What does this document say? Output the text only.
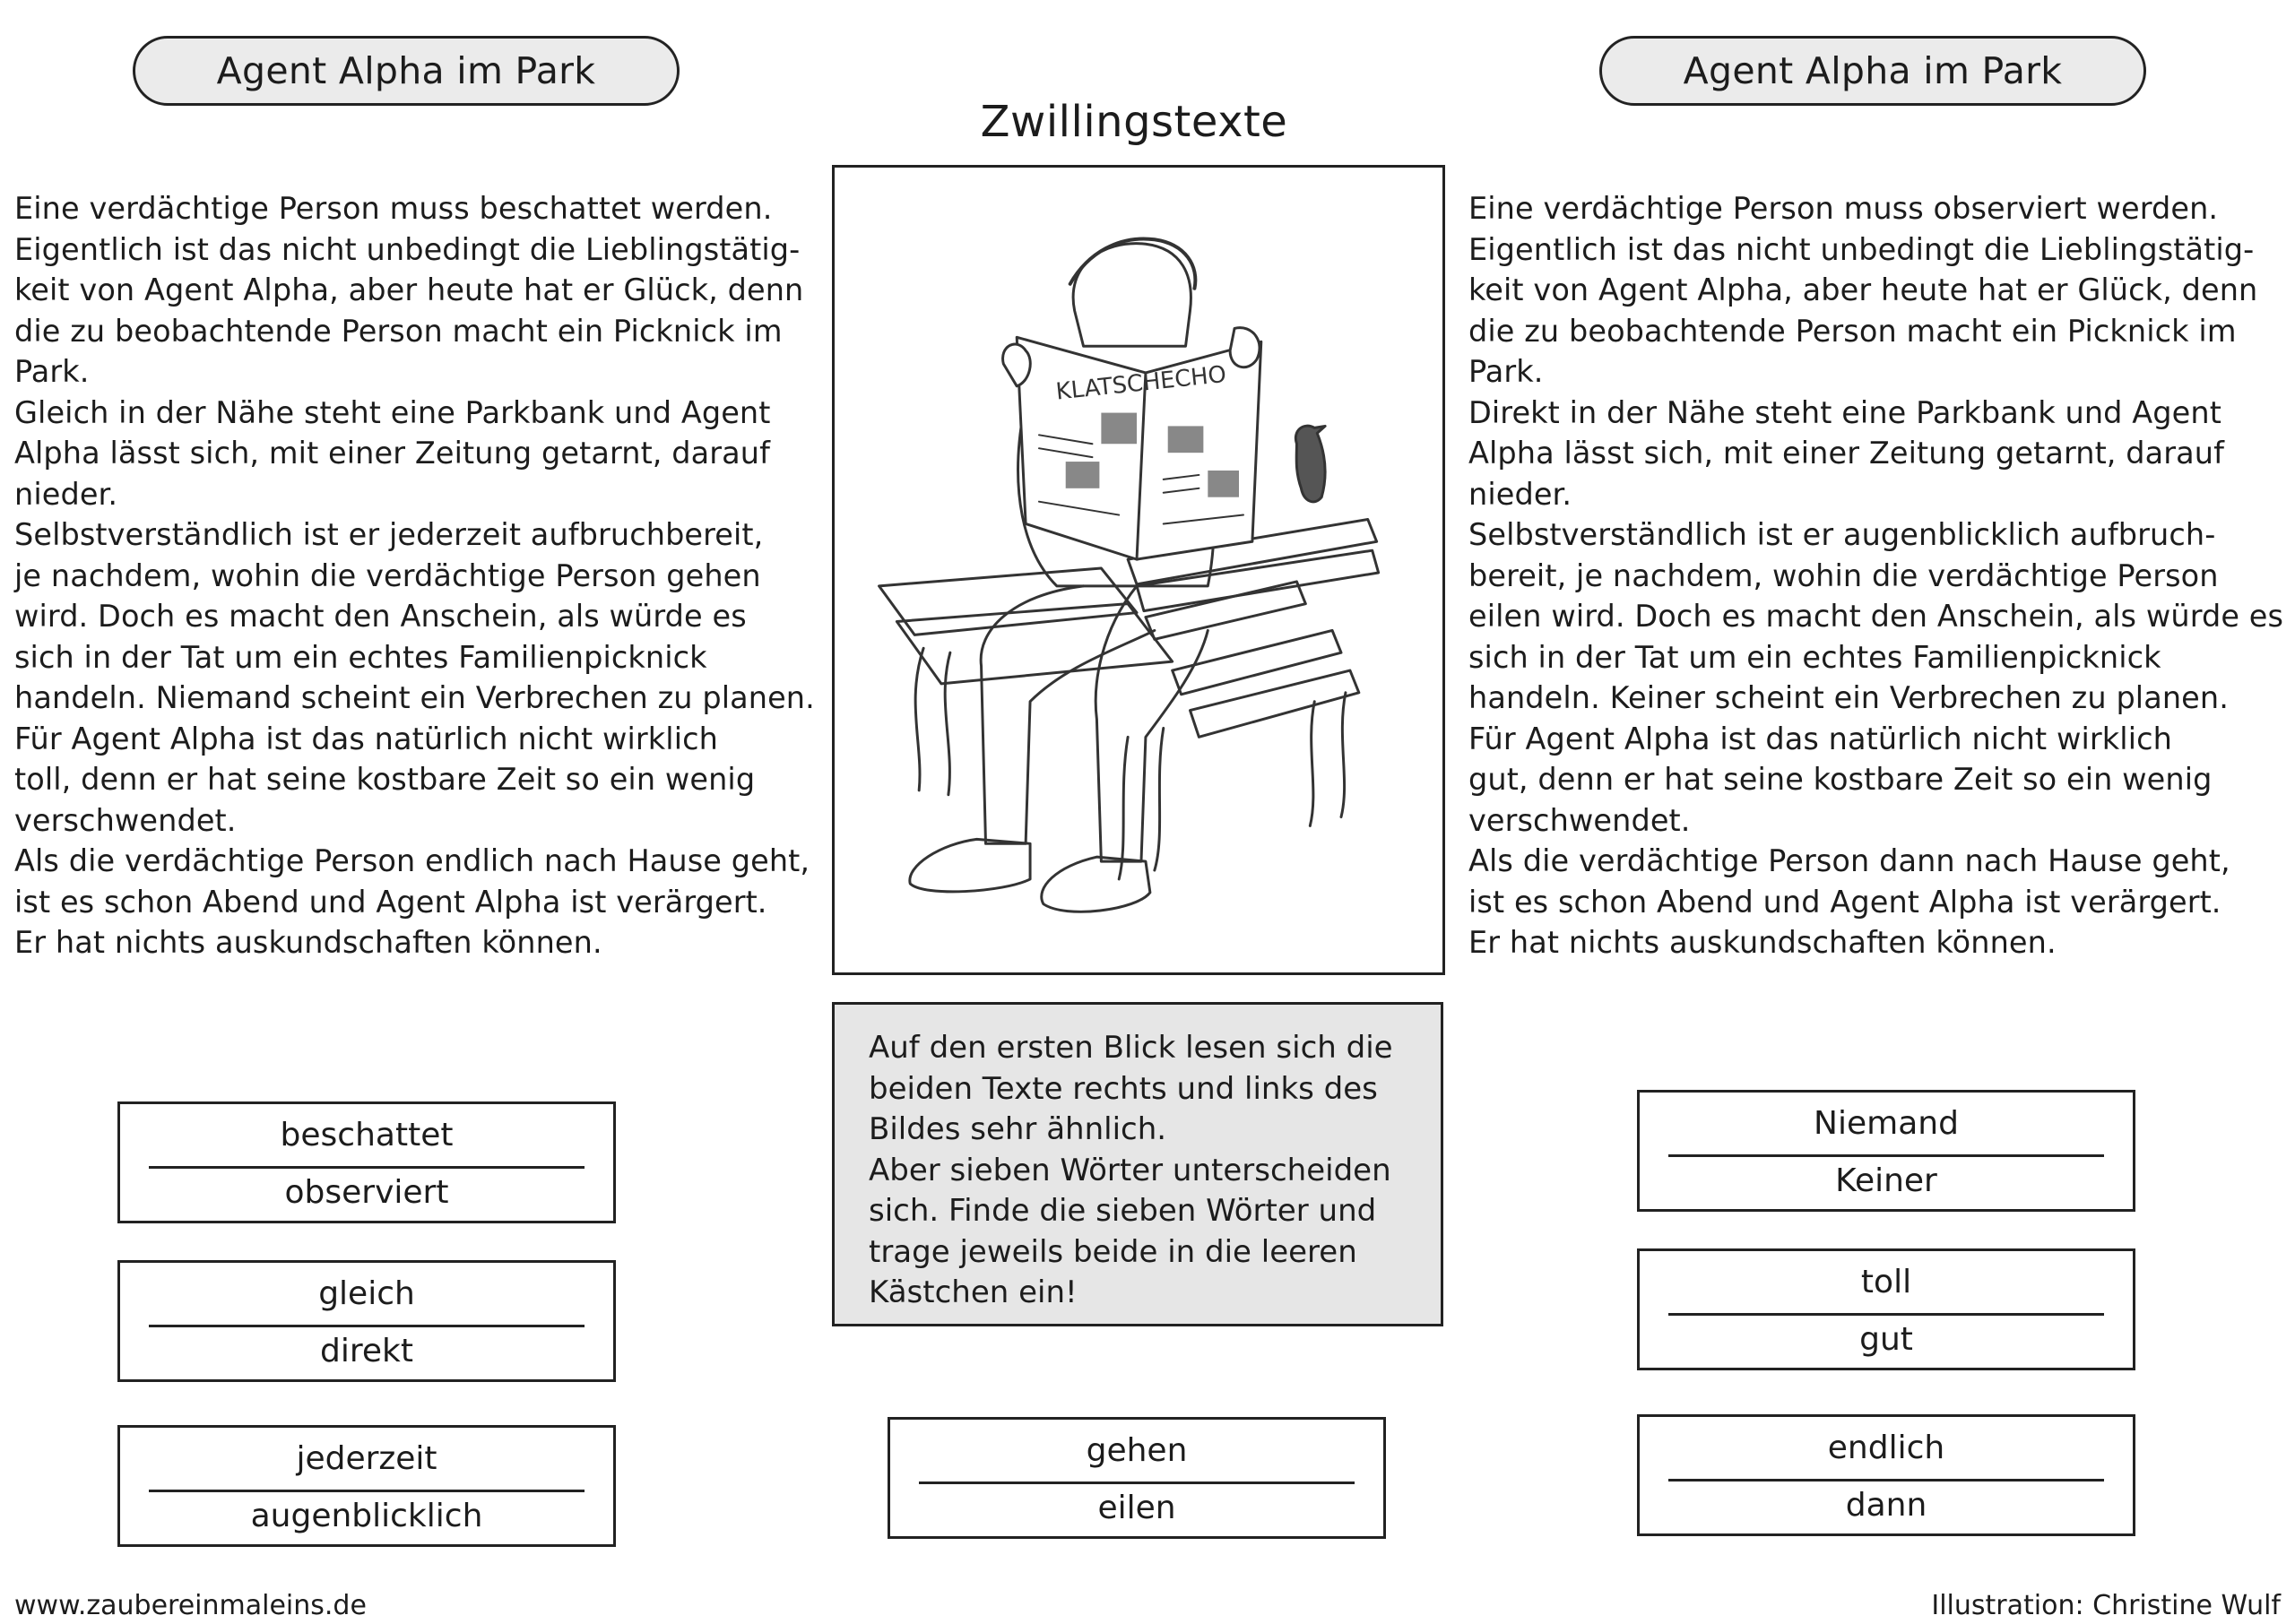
Agent Alpha im Park	Agent Alpha im Park
Zwillingstexte

Eine verdächtige Person muss beschattet werden.
Eigentlich ist das nicht unbedingt die Lieblingstätig-
keit von Agent Alpha, aber heute hat er Glück, denn
die zu beobachtende Person macht ein Picknick im
Park.
Gleich in der Nähe steht eine Parkbank und Agent
Alpha lässt sich, mit einer Zeitung getarnt, darauf
nieder.
Selbstverständlich ist er jederzeit aufbruchbereit,
je nachdem, wohin die verdächtige Person gehen
wird. Doch es macht den Anschein, als würde es
sich in der Tat um ein echtes Familienpicknick
handeln. Niemand scheint ein Verbrechen zu planen.
Für Agent Alpha ist das natürlich nicht wirklich
toll, denn er hat seine kostbare Zeit so ein wenig
verschwendet.
Als die verdächtige Person endlich nach Hause geht,
ist es schon Abend und Agent Alpha ist verärgert.
Er hat nichts auskundschaften können.

Eine verdächtige Person muss observiert werden.
Eigentlich ist das nicht unbedingt die Lieblingstätig-
keit von Agent Alpha, aber heute hat er Glück, denn
die zu beobachtende Person macht ein Picknick im
Park.
Direkt in der Nähe steht eine Parkbank und Agent
Alpha lässt sich, mit einer Zeitung getarnt, darauf
nieder.
Selbstverständlich ist er augenblicklich aufbruch-
bereit, je nachdem, wohin die verdächtige Person
eilen wird. Doch es macht den Anschein, als würde es
sich in der Tat um ein echtes Familienpicknick
handeln. Keiner scheint ein Verbrechen zu planen.
Für Agent Alpha ist das natürlich nicht wirklich
gut, denn er hat seine kostbare Zeit so ein wenig
verschwendet.
Als die verdächtige Person dann nach Hause geht,
ist es schon Abend und Agent Alpha ist verärgert.
Er hat nichts auskundschaften können.

KLATSCHECHO
Auf den ersten Blick lesen sich die
beiden Texte rechts und links des
Bildes sehr ähnlich.
Aber sieben Wörter unterscheiden
sich. Finde die sieben Wörter und
trage jeweils beide in die leeren
Kästchen ein!
beschattet
observiert
gleich
direkt
jederzeit
augenblicklich
Niemand
Keiner
toll
gut
endlich
dann
gehen
eilen
www.zaubereinmaleins.de	Illustration: Christine Wulf
